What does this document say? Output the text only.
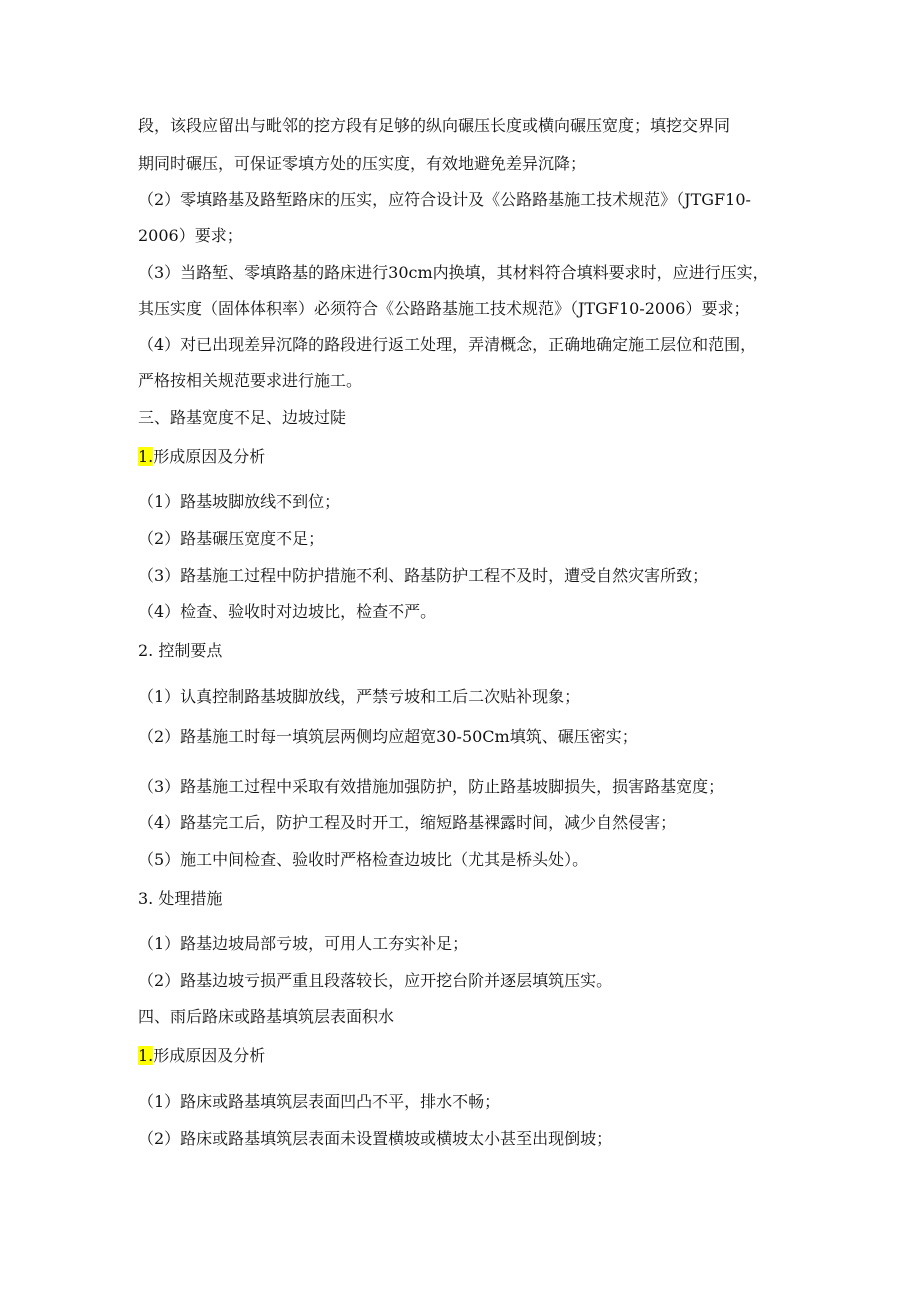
段，该段应留出与毗邻的挖方段有足够的纵向碾压长度或横向碾压宽度；填挖交界同
期同时碾压，可保证零填方处的压实度，有效地避免差异沉降；
（2）零填路基及路堑路床的压实，应符合设计及《公路路基施工技术规范》（JTGF10-
2006）要求；
（3）当路堑、零填路基的路床进行30cm内换填，其材料符合填料要求时，应进行压实，
其压实度（固体体积率）必须符合《公路路基施工技术规范》（JTGF10-2006）要求；
（4）对已出现差异沉降的路段进行返工处理，弄清概念，正确地确定施工层位和范围，
严格按相关规范要求进行施工。
三、路基宽度不足、边坡过陡
1.形成原因及分析
（1）路基坡脚放线不到位；
（2）路基碾压宽度不足；
（3）路基施工过程中防护措施不利、路基防护工程不及时，遭受自然灾害所致；
（4）检查、验收时对边坡比，检查不严。
2. 控制要点
（1）认真控制路基坡脚放线，严禁亏坡和工后二次贴补现象；
（2）路基施工时每一填筑层两侧均应超宽30-50Cm填筑、碾压密实；
（3）路基施工过程中采取有效措施加强防护，防止路基坡脚损失，损害路基宽度；
（4）路基完工后，防护工程及时开工，缩短路基裸露时间，减少自然侵害；
（5）施工中间检查、验收时严格检查边坡比（尤其是桥头处）。
3. 处理措施
（1）路基边坡局部亏坡，可用人工夯实补足；
（2）路基边坡亏损严重且段落较长，应开挖台阶并逐层填筑压实。
四、雨后路床或路基填筑层表面积水
1.形成原因及分析
（1）路床或路基填筑层表面凹凸不平，排水不畅；
（2）路床或路基填筑层表面未设置横坡或横坡太小甚至出现倒坡；
